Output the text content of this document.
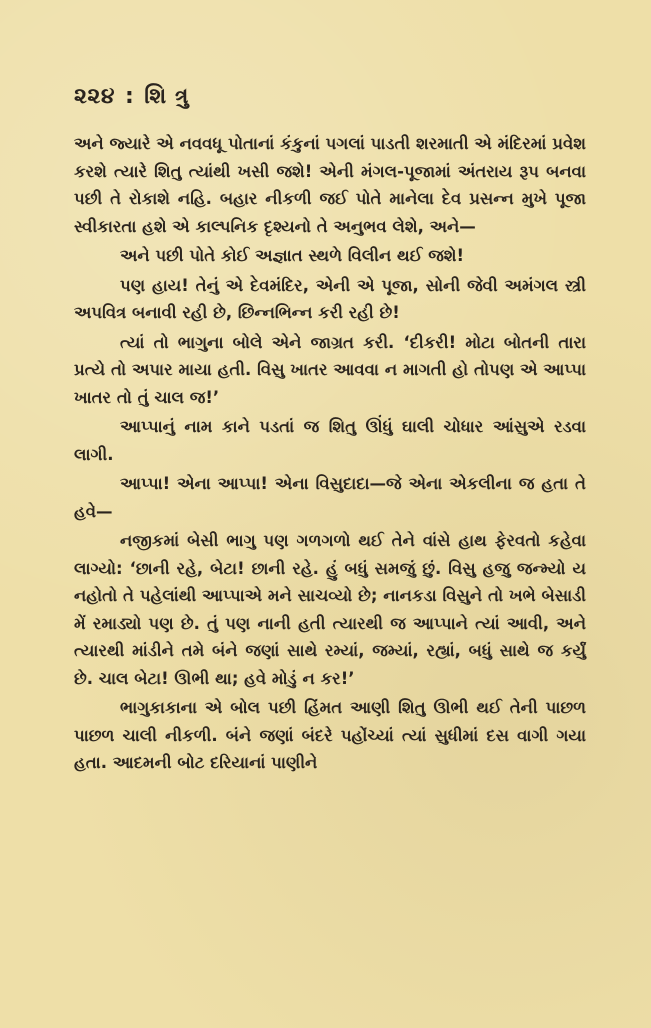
૨૨૪ : શિ ત્રુ

અને જ્યારે એ નવવધૂ પોતાનાં કંકુનાં પગલાં પાડતી શરમાતી એ મંદિરમાં પ્રવેશ કરશે ત્યારે શિતુ ત્યાંથી ખસી જશે! એની મંગલ-પૂજામાં અંતરાય રૂપ બનવા પછી તે રોકાશે નહિ. બહાર નીકળી જઈ પોતે માનેલા દેવ પ્રસન્ન મુખે પૂજા સ્વીકારતા હશે એ કાલ્પનિક દૃશ્યનો તે અનુભવ લેશે, અને—

અને પછી પોતે કોઈ અજ્ઞાત સ્થળે વિલીન થઈ જશે!

પણ હાય! તેનું એ દેવમંદિર, એની એ પૂજા, સોની જેવી અમંગલ સ્ત્રી અપવિત્ર બનાવી રહી છે, છિન્નભિન્ન કરી રહી છે!

ત્યાં તો ભાગુના બોલે એને જાગ્રત કરી. ‘દીકરી! મોટા બોતની તારા પ્રત્યે તો અપાર માયા હતી. વિસુ ખાતર આવવા ન માગતી હો તોપણ એ આપ્પા ખાતર તો તું ચાલ જ!’

આપ્પાનું નામ કાને પડતાં જ શિતુ ઊંધું ઘાલી ચોધાર આંસુએ રડવા લાગી.

આપ્પા! એના આપ્પા! એના વિસુદાદા—જે એના એકલીના જ હતા તે હવે—

નજીકમાં બેસી ભાગુ પણ ગળગળો થઈ તેને વાંસે હાથ ફેરવતો કહેવા લાગ્યો: ‘છાની રહે, બેટા! છાની રહે. હું બધું સમજું છું. વિસુ હજુ જન્મ્યો ય નહોતો તે પહેલાંથી આપ્પાએ મને સાચવ્યો છે; નાનકડા વિસુને તો ખભે બેસાડી મેં રમાડ્યો પણ છે. તું પણ નાની હતી ત્યારથી જ આપ્પાને ત્યાં આવી, અને ત્યારથી માંડીને તમે બંને જણાં સાથે રમ્યાં, જમ્યાં, રહ્યાં, બધું સાથે જ કર્યું છે. ચાલ બેટા! ઊભી થા; હવે મોડું ન કર!’

ભાગુકાકાના એ બોલ પછી હિંમત આણી શિતુ ઊભી થઈ તેની પાછળ પાછળ ચાલી નીકળી. બંને જણાં બંદરે પહોંચ્યાં ત્યાં સુધીમાં દસ વાગી ગયા હતા. આદમની બોટ દરિયાનાં પાણીને
